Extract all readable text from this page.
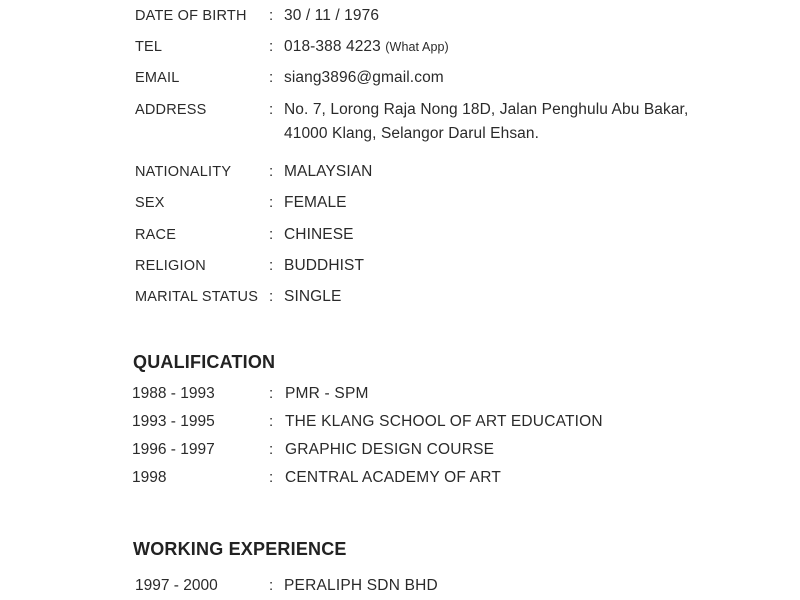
DATE OF BIRTH : 30 / 11 / 1976
TEL	: 018-388 4223 (What App)
EMAIL	: siang3896@gmail.com
ADDRESS	: No. 7, Lorong Raja Nong 18D, Jalan Penghulu Abu Bakar,
41000 Klang, Selangor Darul Ehsan.
NATIONALITY	: MALAYSIAN
SEX	: FEMALE
RACE	: CHINESE
RELIGION	: BUDDHIST
MARITAL STATUS : SINGLE
QUALIFICATION
1988 - 1993	: PMR - SPM
1993 - 1995	: THE KLANG SCHOOL OF ART EDUCATION
1996 - 1997	: GRAPHIC DESIGN COURSE
1998	: CENTRAL ACADEMY OF ART
WORKING EXPERIENCE
1997 - 2000	: PERALIPH SDN BHD
